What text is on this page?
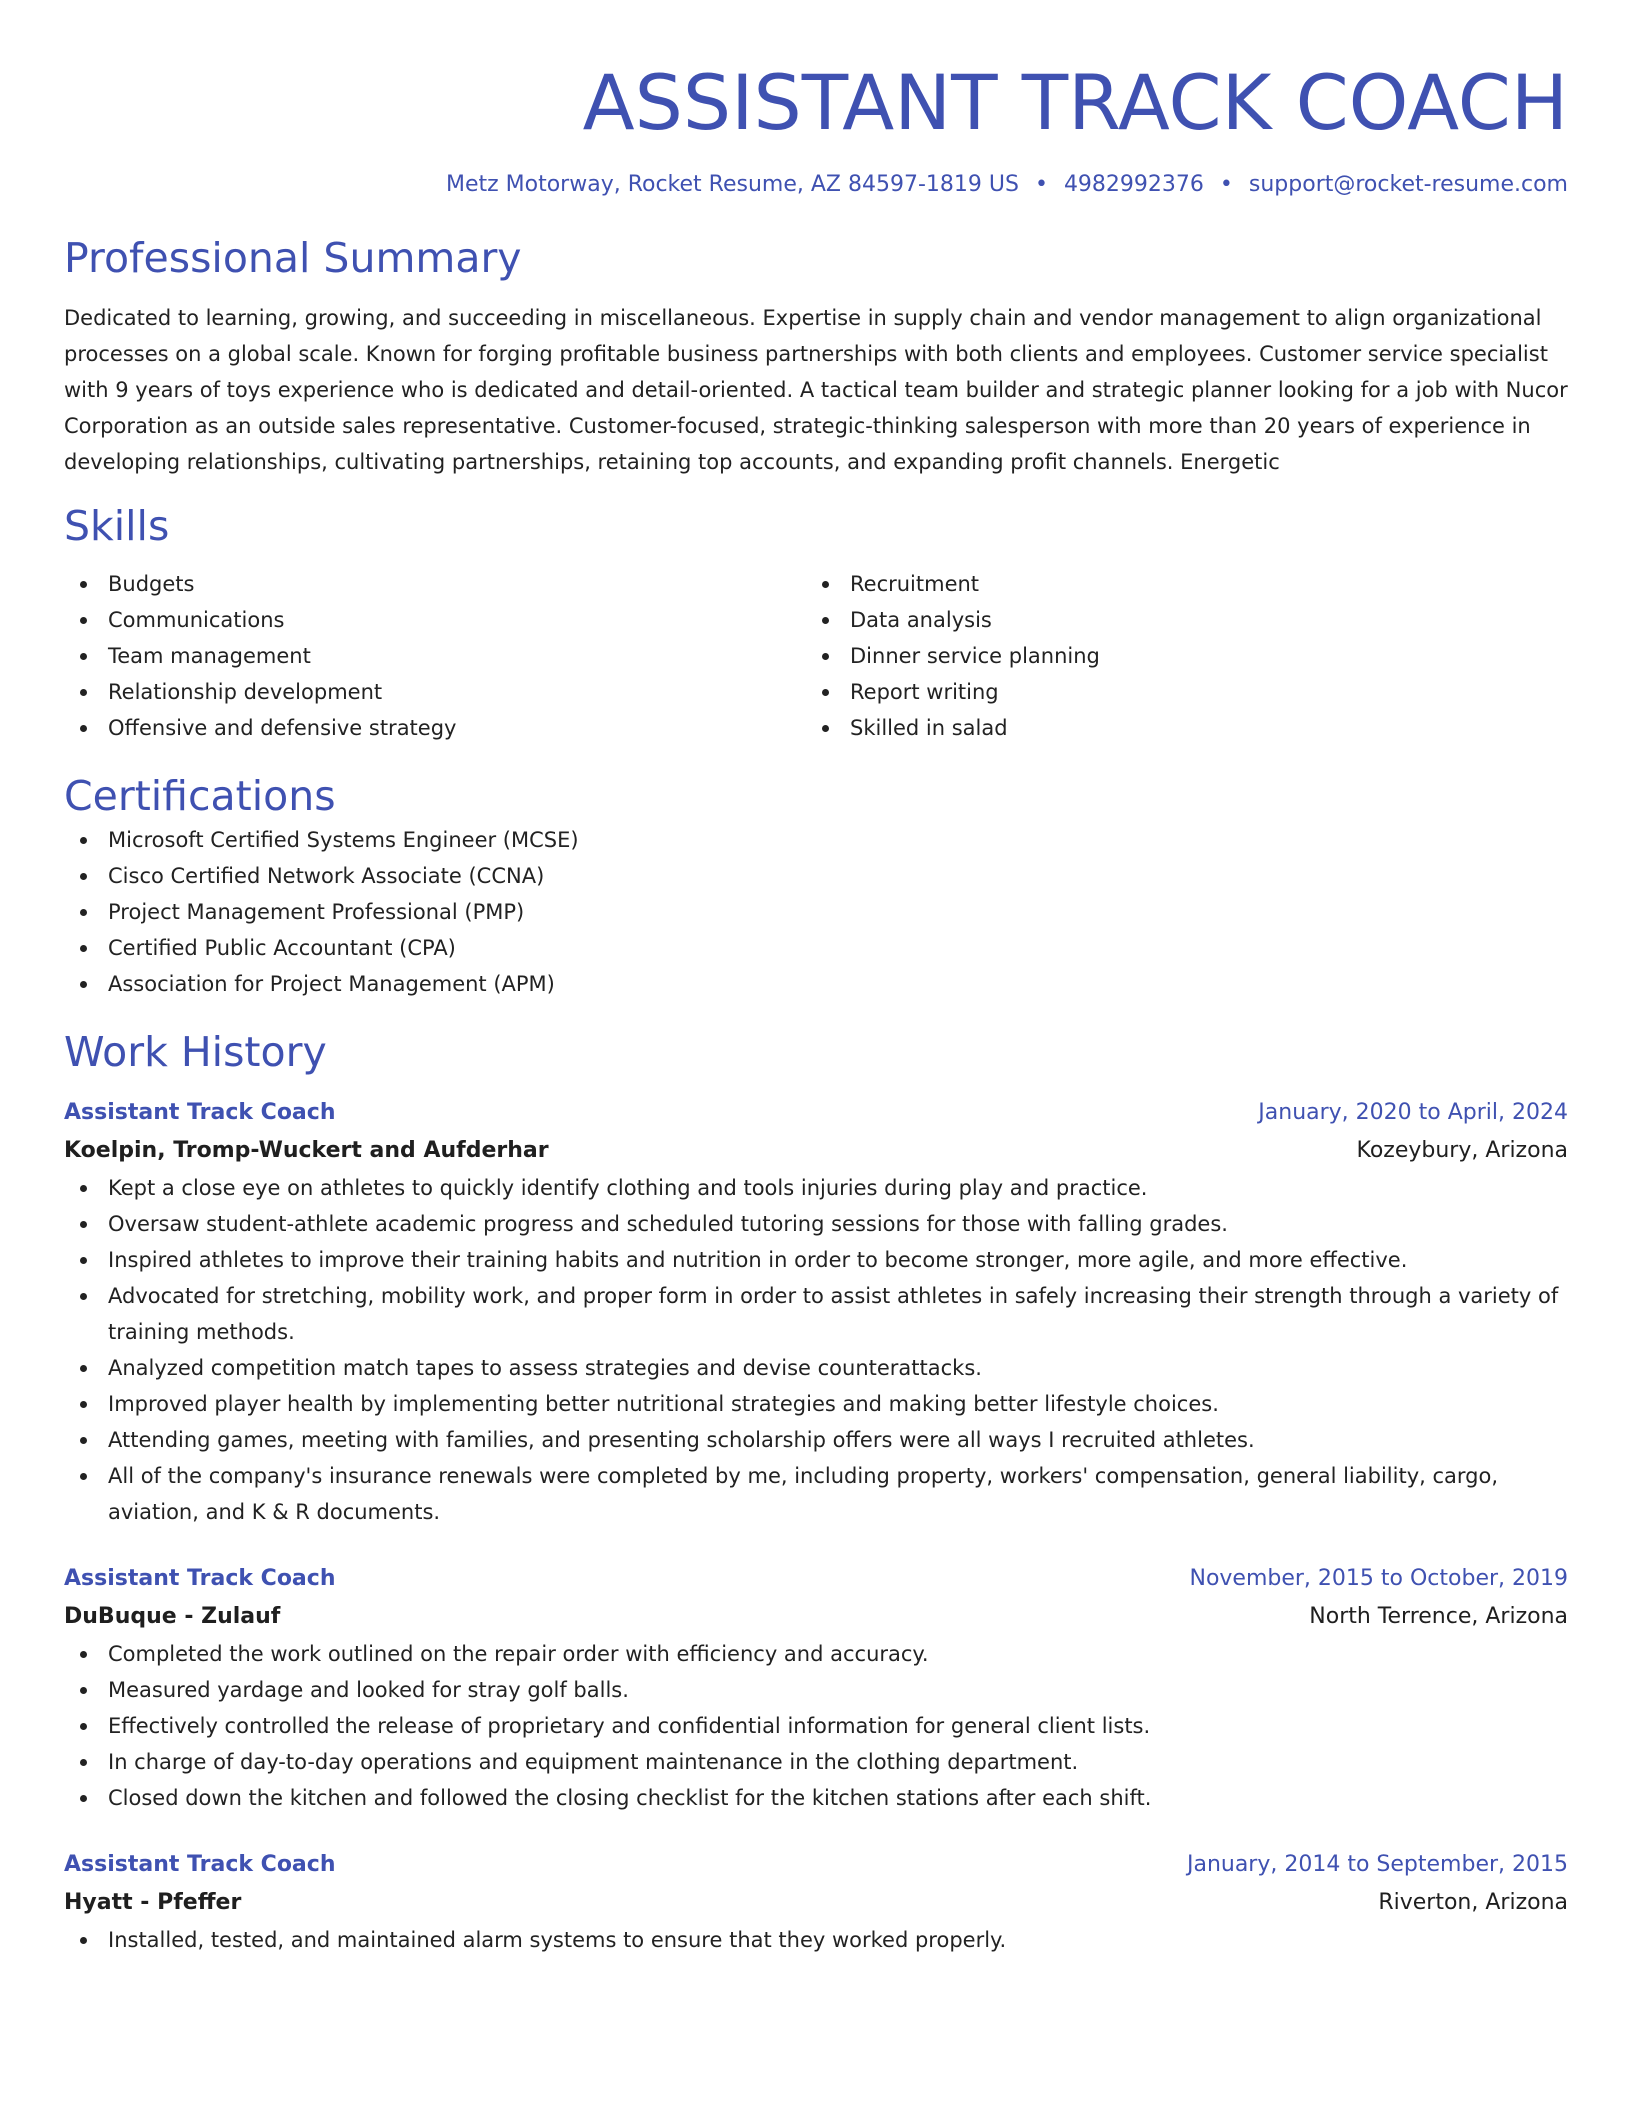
ASSISTANT TRACK COACH
Metz Motorway, Rocket Resume, AZ 84597-1819 US • 4982992376 • support@rocket-resume.com
Professional Summary

Dedicated to learning, growing, and succeeding in miscellaneous. Expertise in supply chain and vendor management to align organizational processes on a global scale. Known for forging profitable business partnerships with both clients and employees. Customer service specialist with 9 years of toys experience who is dedicated and detail-oriented. A tactical team builder and strategic planner looking for a job with Nucor Corporation as an outside sales representative. Customer-focused, strategic-thinking salesperson with more than 20 years of experience in developing relationships, cultivating partnerships, retaining top accounts, and expanding profit channels. Energetic

Skills
Budgets
Communications
Team management
Relationship development
Offensive and defensive strategy
Recruitment
Data analysis
Dinner service planning
Report writing
Skilled in salad
Certifications
Microsoft Certified Systems Engineer (MCSE)
Cisco Certified Network Associate (CCNA)
Project Management Professional (PMP)
Certified Public Accountant (CPA)
Association for Project Management (APM)
Work History
Assistant Track Coach	January, 2020 to April, 2024
Koelpin, Tromp-Wuckert and Aufderhar	Kozeybury, Arizona
Kept a close eye on athletes to quickly identify clothing and tools injuries during play and practice.
Oversaw student-athlete academic progress and scheduled tutoring sessions for those with falling grades.
Inspired athletes to improve their training habits and nutrition in order to become stronger, more agile, and more effective.
Advocated for stretching, mobility work, and proper form in order to assist athletes in safely increasing their strength through a variety of training methods.
Analyzed competition match tapes to assess strategies and devise counterattacks.
Improved player health by implementing better nutritional strategies and making better lifestyle choices.
Attending games, meeting with families, and presenting scholarship offers were all ways I recruited athletes.
All of the company's insurance renewals were completed by me, including property, workers' compensation, general liability, cargo, aviation, and K & R documents.
Assistant Track Coach	November, 2015 to October, 2019
DuBuque - Zulauf	North Terrence, Arizona
Completed the work outlined on the repair order with efficiency and accuracy.
Measured yardage and looked for stray golf balls.
Effectively controlled the release of proprietary and confidential information for general client lists.
In charge of day-to-day operations and equipment maintenance in the clothing department.
Closed down the kitchen and followed the closing checklist for the kitchen stations after each shift.
Assistant Track Coach	January, 2014 to September, 2015
Hyatt - Pfeffer	Riverton, Arizona
Installed, tested, and maintained alarm systems to ensure that they worked properly.
